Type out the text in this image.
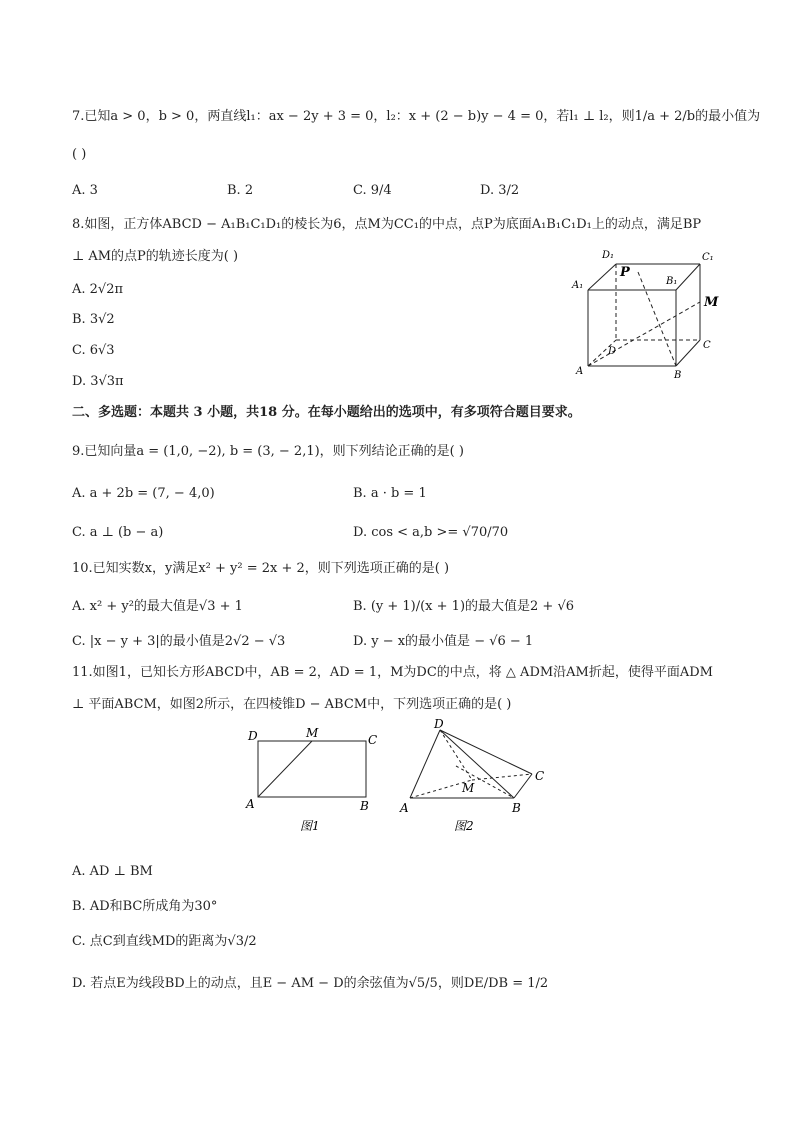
7.已知a > 0，b > 0，两直线l₁：ax − 2y + 3 = 0，l₂：x + (2 − b)y − 4 = 0，若l₁ ⊥ l₂，则1/a + 2/b的最小值为
( )
A. 3	B. 2	C. 9/4	D. 3/2
8.如图，正方体ABCD − A₁B₁C₁D₁的棱长为6，点M为CC₁的中点，点P为底面A₁B₁C₁D₁上的动点，满足BP
⊥ AM的点P的轨迹长度为( )
A. 2√2π
B. 3√2
C. 6√3
D. 3√3π
D₁	C₁
A₁	B₁
P
M
D
C
A	B
二、多选题：本题共 3 小题，共18 分。在每小题给出的选项中，有多项符合题目要求。
9.已知向量a = (1,0, −2), b = (3, − 2,1)，则下列结论正确的是( )
A. a + 2b = (7, − 4,0)	B. a · b = 1
C. a ⊥ (b − a)	D. cos < a,b >= √70/70
10.已知实数x，y满足x² + y² = 2x + 2，则下列选项正确的是( )
A. x² + y²的最大值是√3 + 1	B. (y + 1)/(x + 1)的最大值是2 + √6
C. |x − y + 3|的最小值是2√2 − √3	D. y − x的最小值是 − √6 − 1
11.如图1，已知长方形ABCD中，AB = 2，AD = 1，M为DC的中点，将 △ ADM沿AM折起，使得平面ADM
⊥ 平面ABCM，如图2所示，在四棱锥D − ABCM中，下列选项正确的是( )
D	M	C
A	B
图1
D
C
M
A	B
图2
A. AD ⊥ BM
B. AD和BC所成角为30°
C. 点C到直线MD的距离为√3/2
D. 若点E为线段BD上的动点，且E − AM − D的余弦值为√5/5，则DE/DB = 1/2
